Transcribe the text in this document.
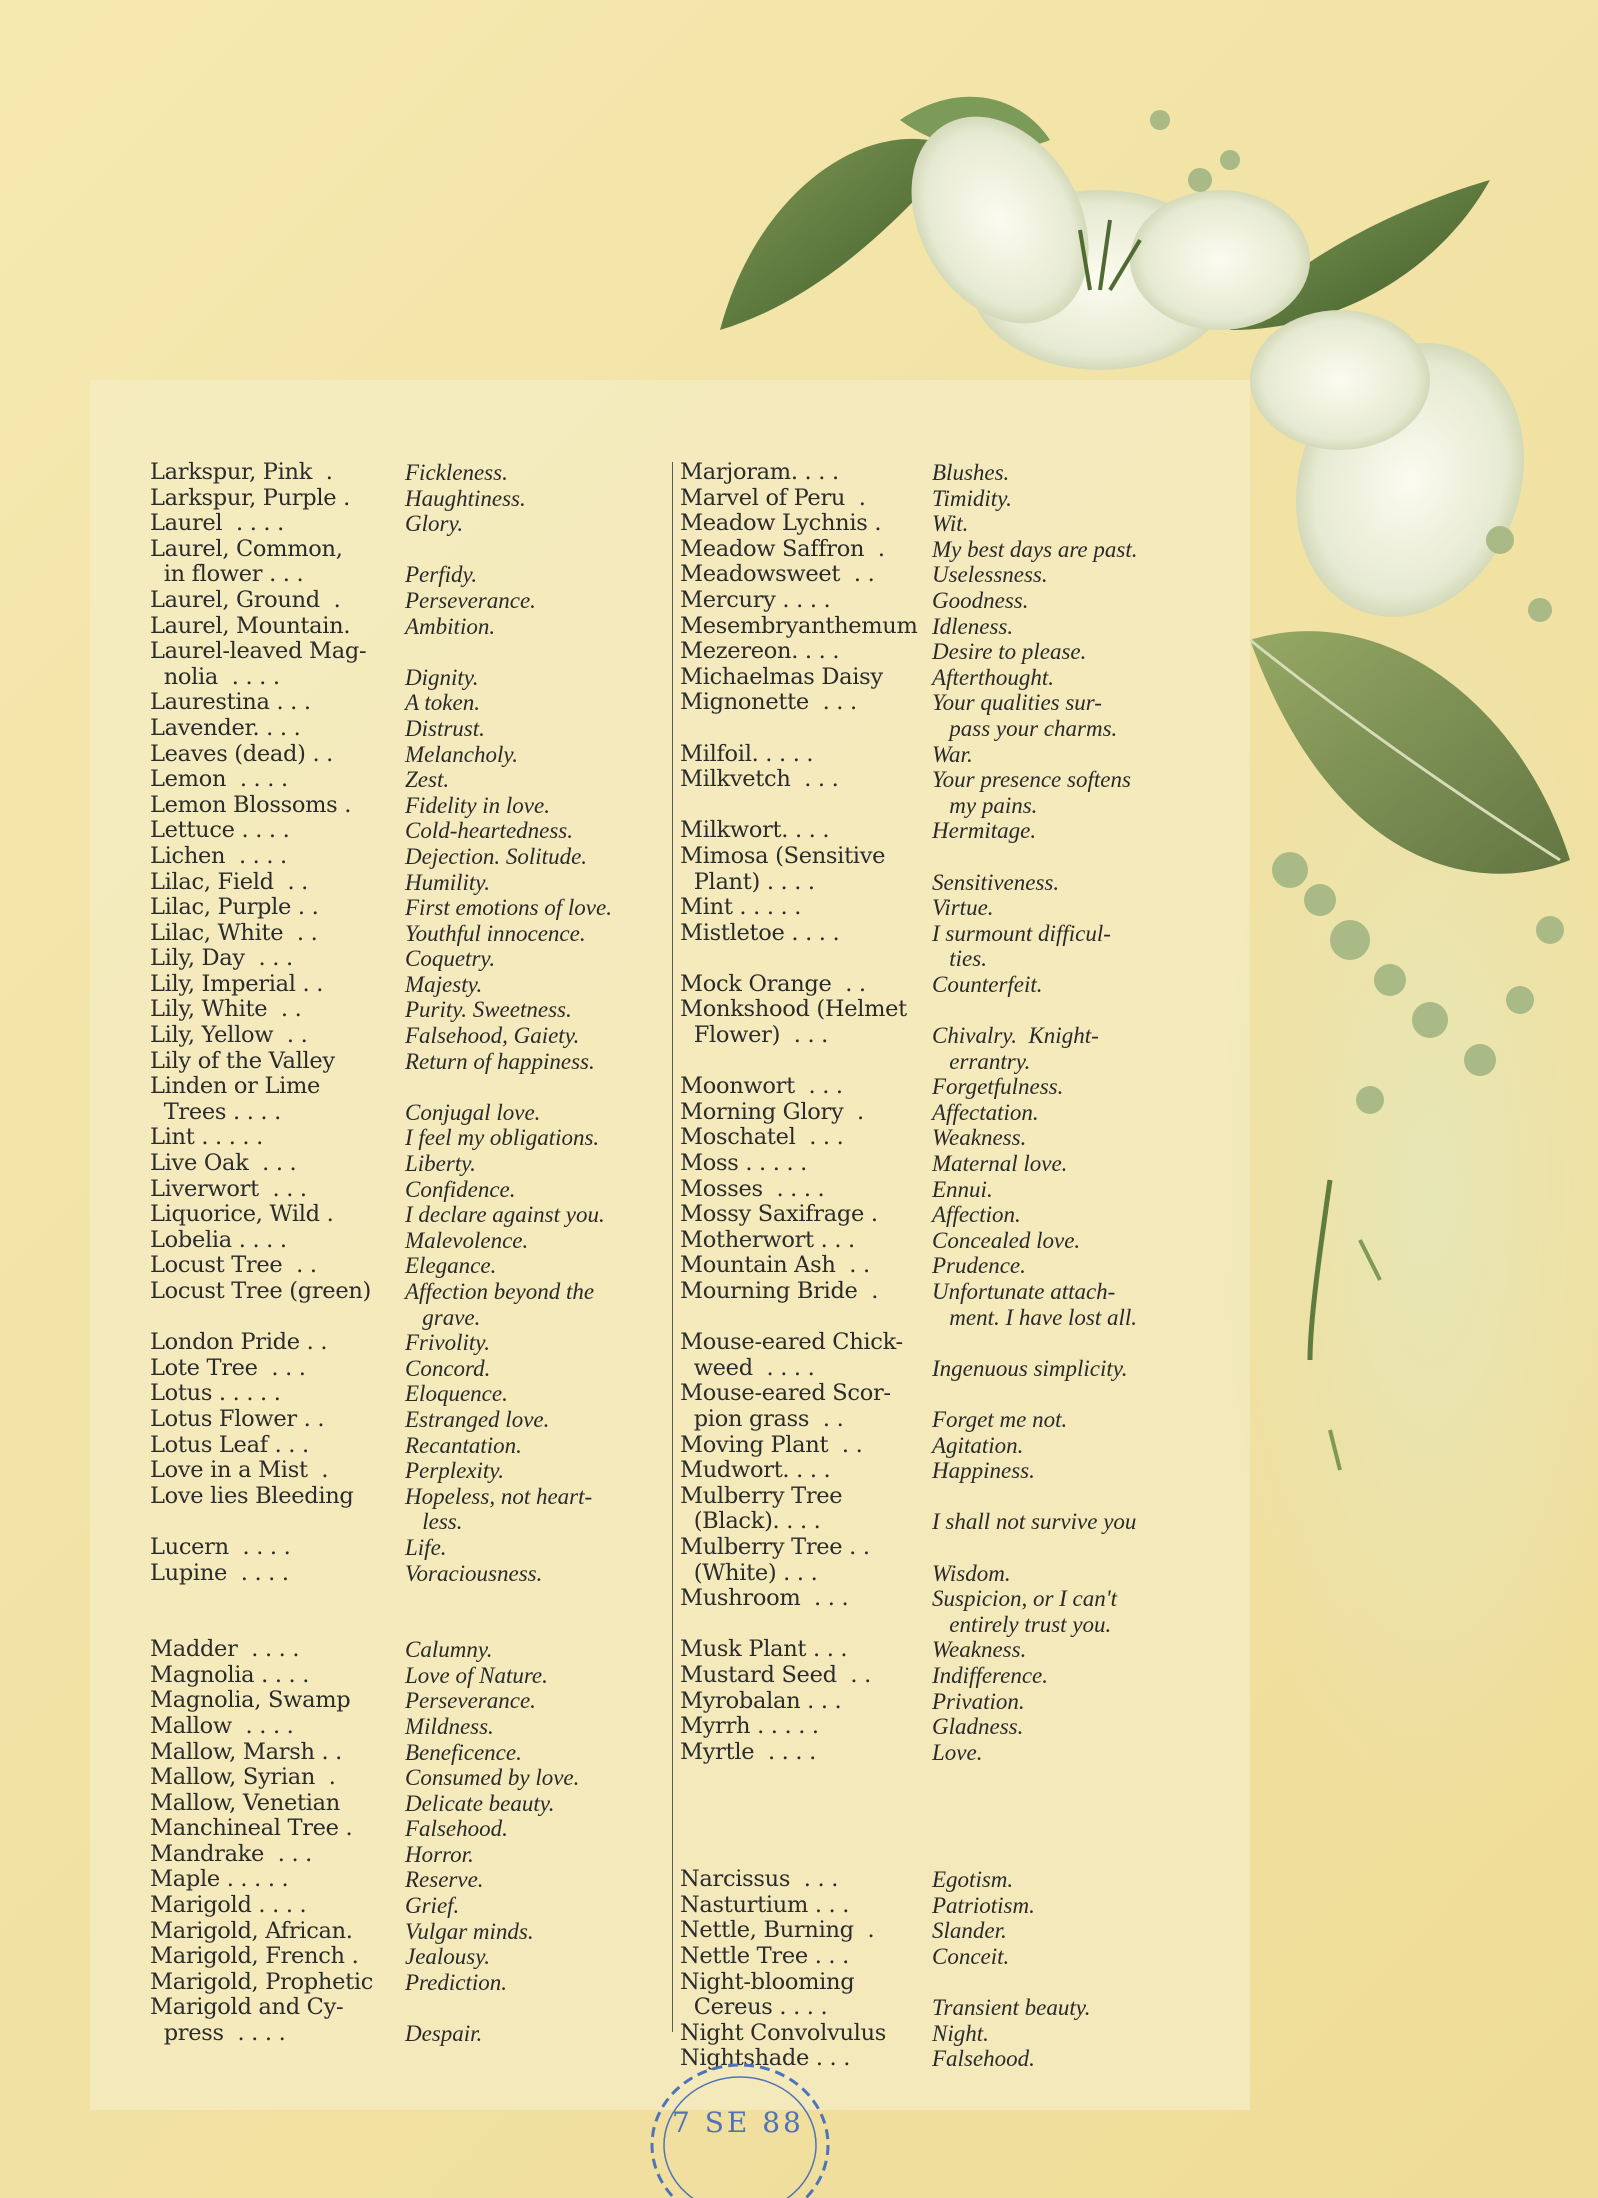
Larkspur, Pink  .	Fickleness.
Larkspur, Purple .	Haughtiness.
Laurel  . . . .	Glory.
Laurel, Common,
in flower . . .	Perfidy.
Laurel, Ground  .	Perseverance.
Laurel, Mountain.	Ambition.
Laurel-leaved Mag-
nolia  . . . .	Dignity.
Laurestina . . .	A token.
Lavender. . . .	Distrust.
Leaves (dead) . .	Melancholy.
Lemon  . . . .	Zest.
Lemon Blossoms .	Fidelity in love.
Lettuce . . . .	Cold-heartedness.
Lichen  . . . .	Dejection. Solitude.
Lilac, Field  . .	Humility.
Lilac, Purple . .	First emotions of love.
Lilac, White  . .	Youthful innocence.
Lily, Day  . . .	Coquetry.
Lily, Imperial . .	Majesty.
Lily, White  . .	Purity. Sweetness.
Lily, Yellow  . .	Falsehood, Gaiety.
Lily of the Valley	Return of happiness.
Linden or Lime
Trees . . . .	Conjugal love.
Lint . . . . .	I feel my obligations.
Live Oak  . . .	Liberty.
Liverwort  . . .	Confidence.
Liquorice, Wild .	I declare against you.
Lobelia . . . .	Malevolence.
Locust Tree  . .	Elegance.
Locust Tree (green)	Affection beyond the
grave.
London Pride . .	Frivolity.
Lote Tree  . . .	Concord.
Lotus . . . . .	Eloquence.
Lotus Flower . .	Estranged love.
Lotus Leaf . . .	Recantation.
Love in a Mist  .	Perplexity.
Love lies Bleeding	Hopeless, not heart-
less.
Lucern  . . . .	Life.
Lupine  . . . .	Voraciousness.
Madder  . . . .	Calumny.
Magnolia . . . .	Love of Nature.
Magnolia, Swamp	Perseverance.
Mallow  . . . .	Mildness.
Mallow, Marsh . .	Beneficence.
Mallow, Syrian  .	Consumed by love.
Mallow, Venetian	Delicate beauty.
Manchineal Tree .	Falsehood.
Mandrake  . . .	Horror.
Maple . . . . .	Reserve.
Marigold . . . .	Grief.
Marigold, African.	Vulgar minds.
Marigold, French .	Jealousy.
Marigold, Prophetic	Prediction.
Marigold and Cy-
press  . . . .	Despair.
Marjoram. . . .	Blushes.
Marvel of Peru  .	Timidity.
Meadow Lychnis .	Wit.
Meadow Saffron  .	My best days are past.
Meadowsweet  . .	Uselessness.
Mercury . . . .	Goodness.
Mesembryanthemum Idleness.
Mezereon. . . .	Desire to please.
Michaelmas Daisy	Afterthought.
Mignonette  . . .	Your qualities sur-
pass your charms.
Milfoil. . . . .	War.
Milkvetch  . . .	Your presence softens
my pains.
Milkwort. . . .	Hermitage.
Mimosa (Sensitive
Plant) . . . .	Sensitiveness.
Mint . . . . .	Virtue.
Mistletoe . . . .	I surmount difficul-
ties.
Mock Orange  . .	Counterfeit.
Monkshood (Helmet
Flower)  . . .	Chivalry.  Knight-
errantry.
Moonwort  . . .	Forgetfulness.
Morning Glory  .	Affectation.
Moschatel  . . .	Weakness.
Moss . . . . .	Maternal love.
Mosses  . . . .	Ennui.
Mossy Saxifrage .	Affection.
Motherwort . . .	Concealed love.
Mountain Ash  . .	Prudence.
Mourning Bride  .	Unfortunate attach-
ment. I have lost all.
Mouse-eared Chick-
weed  . . . .	Ingenuous simplicity.
Mouse-eared Scor-
pion grass  . .	Forget me not.
Moving Plant  . .	Agitation.
Mudwort. . . .	Happiness.
Mulberry Tree
(Black). . . .	I shall not survive you
Mulberry Tree . .
(White) . . .	Wisdom.
Mushroom  . . .	Suspicion, or I can't
entirely trust you.
Musk Plant . . .	Weakness.
Mustard Seed  . .	Indifference.
Myrobalan . . .	Privation.
Myrrh . . . . .	Gladness.
Myrtle  . . . .	Love.
Narcissus  . . .	Egotism.
Nasturtium . . .	Patriotism.
Nettle, Burning  .	Slander.
Nettle Tree . . .	Conceit.
Night-blooming
Cereus . . . .	Transient beauty.
Night Convolvulus	Night.
Nightshade . . .	Falsehood.
7 SE 88
